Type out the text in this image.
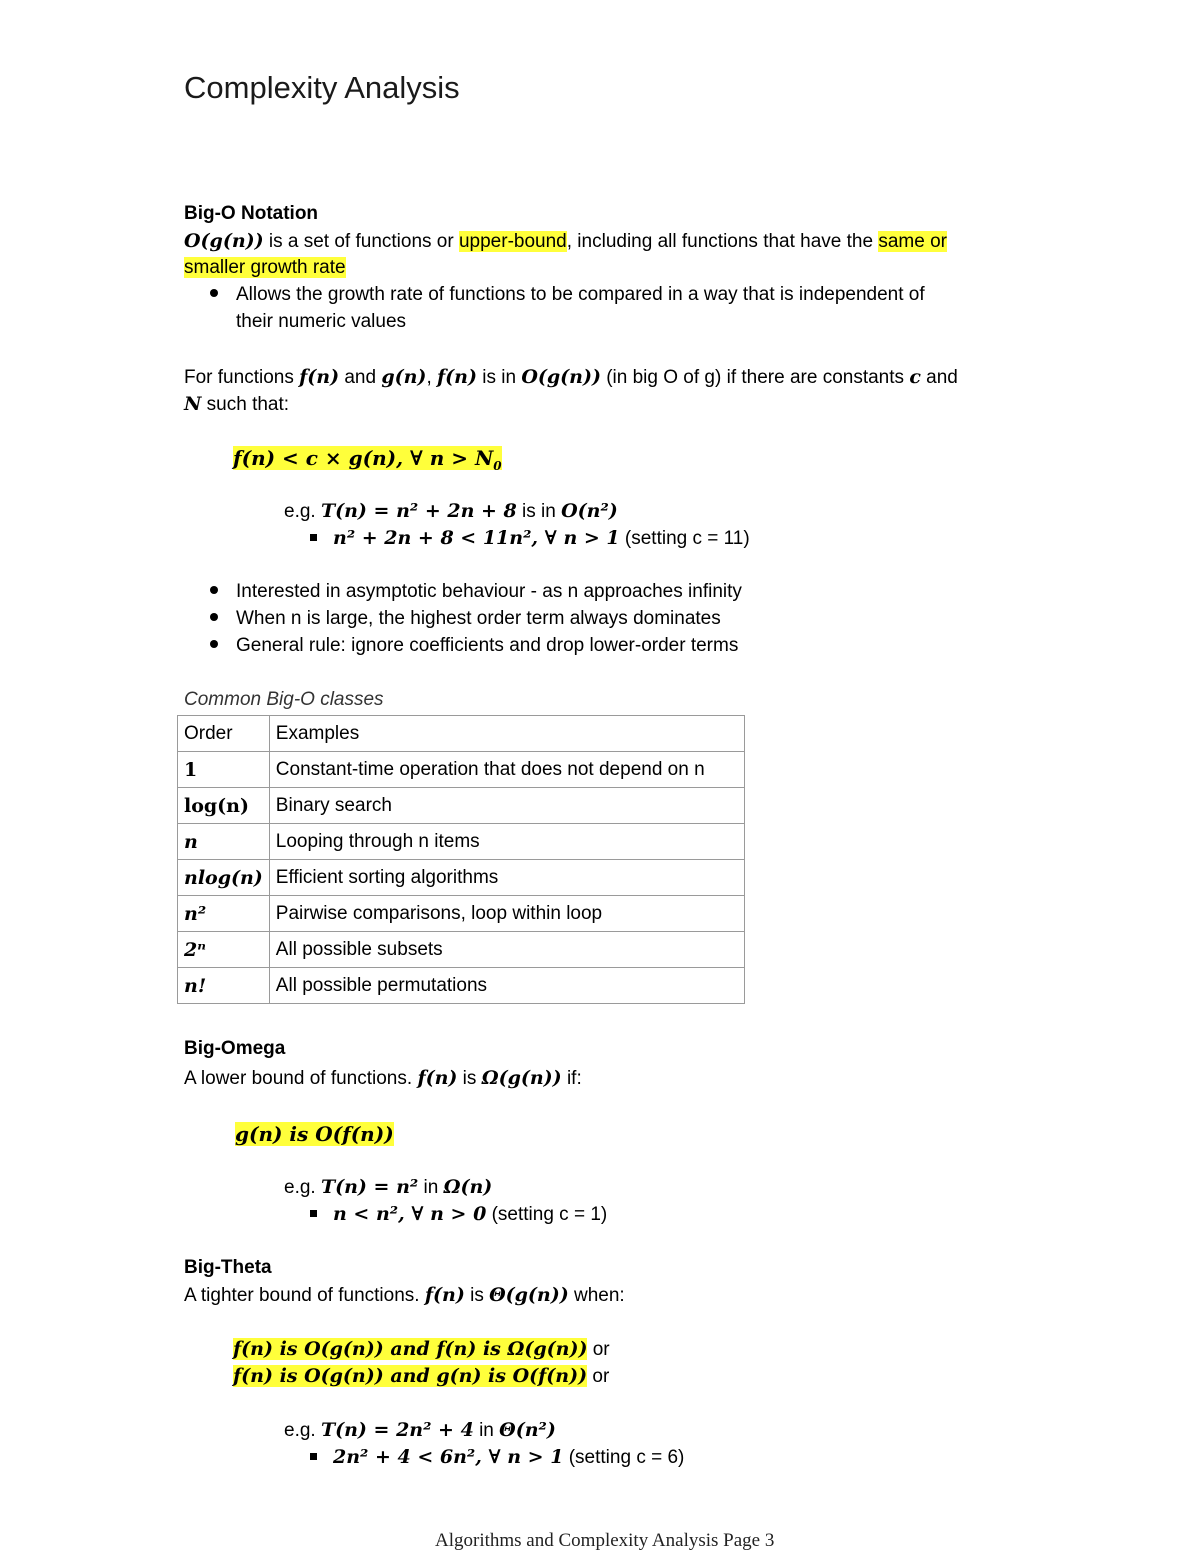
Complexity Analysis
Big-O Notation
O(g(n)) is a set of functions or upper-bound, including all functions that have the same or
smaller growth rate
Allows the growth rate of functions to be compared in a way that is independent of
their numeric values
For functions f(n) and g(n), f(n) is in O(g(n)) (in big O of g) if there are constants c and
N such that:
f(n) < c × g(n), ∀ $n > N_0$
e.g. T(n) = n² + 2n + 8 is in O(n²)
n² + 2n + 8 < 11n², ∀ n > 1 (setting c = 11)
Interested in asymptotic behaviour - as n approaches infinity
When n is large, the highest order term always dominates
General rule: ignore coefficients and drop lower-order terms
Common Big-O classes
Order	Examples
1	Constant-time operation that does not depend on n
log(n)	Binary search
n	Looping through n items
nlog(n)	Efficient sorting algorithms
n²	Pairwise comparisons, loop within loop
2ⁿ	All possible subsets
n!	All possible permutations
Big-Omega
A lower bound of functions. f(n) is Ω(g(n)) if:
g(n) is O(f(n))
e.g. T(n) = n² in Ω(n)
n < n², ∀ n > 0 (setting c = 1)
Big-Theta
A tighter bound of functions. f(n) is Θ(g(n)) when:
f(n) is O(g(n)) and f(n) is Ω(g(n)) or
f(n) is O(g(n)) and g(n) is O(f(n)) or
e.g. T(n) = 2n² + 4 in Θ(n²)
2n² + 4 < 6n², ∀ n > 1 (setting c = 6)
Algorithms and Complexity Analysis Page 3
